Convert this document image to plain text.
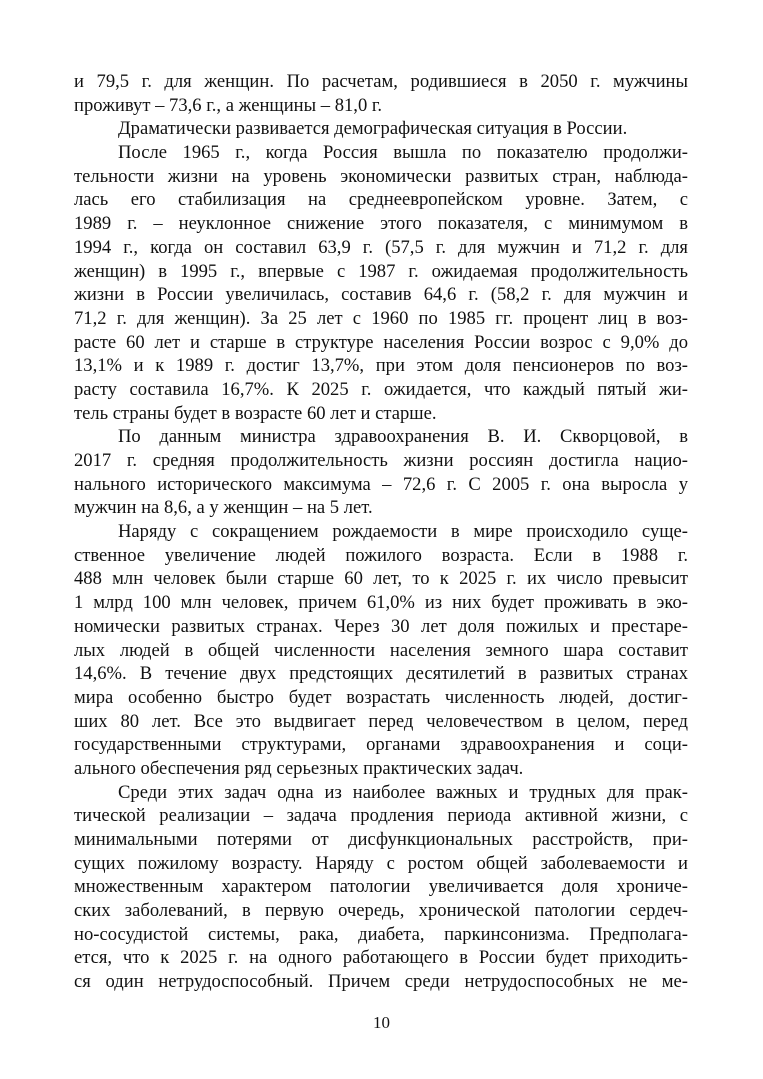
и 79,5 г. для женщин. По расчетам, родившиеся в 2050 г. мужчины
проживут – 73,6 г., а женщины – 81,0 г.
Драматически развивается демографическая ситуация в России.
После 1965 г., когда Россия вышла по показателю продолжи-
тельности жизни на уровень экономически развитых стран, наблюда-
лась его стабилизация на среднеевропейском уровне. Затем, с
1989 г. – неуклонное снижение этого показателя, с минимумом в
1994 г., когда он составил 63,9 г. (57,5 г. для мужчин и 71,2 г. для
женщин) в 1995 г., впервые с 1987 г. ожидаемая продолжительность
жизни в России увеличилась, составив 64,6 г. (58,2 г. для мужчин и
71,2 г. для женщин). За 25 лет с 1960 по 1985 гг. процент лиц в воз-
расте 60 лет и старше в структуре населения России возрос с 9,0% до
13,1% и к 1989 г. достиг 13,7%, при этом доля пенсионеров по воз-
расту составила 16,7%. К 2025 г. ожидается, что каждый пятый жи-
тель страны будет в возрасте 60 лет и старше.
По данным министра здравоохранения В. И. Скворцовой, в
2017 г. средняя продолжительность жизни россиян достигла нацио-
нального исторического максимума – 72,6 г. С 2005 г. она выросла у
мужчин на 8,6, а у женщин – на 5 лет.
Наряду с сокращением рождаемости в мире происходило суще-
ственное увеличение людей пожилого возраста. Если в 1988 г.
488 млн человек были старше 60 лет, то к 2025 г. их число превысит
1 млрд 100 млн человек, причем 61,0% из них будет проживать в эко-
номически развитых странах. Через 30 лет доля пожилых и престаре-
лых людей в общей численности населения земного шара составит
14,6%. В течение двух предстоящих десятилетий в развитых странах
мира особенно быстро будет возрастать численность людей, достиг-
ших 80 лет. Все это выдвигает перед человечеством в целом, перед
государственными структурами, органами здравоохранения и соци-
ального обеспечения ряд серьезных практических задач.
Среди этих задач одна из наиболее важных и трудных для прак-
тической реализации – задача продления периода активной жизни, с
минимальными потерями от дисфункциональных расстройств, при-
сущих пожилому возрасту. Наряду с ростом общей заболеваемости и
множественным характером патологии увеличивается доля хрониче-
ских заболеваний, в первую очередь, хронической патологии сердеч-
но-сосудистой системы, рака, диабета, паркинсонизма. Предполага-
ется, что к 2025 г. на одного работающего в России будет приходить-
ся один нетрудоспособный. Причем среди нетрудоспособных не ме-
10
